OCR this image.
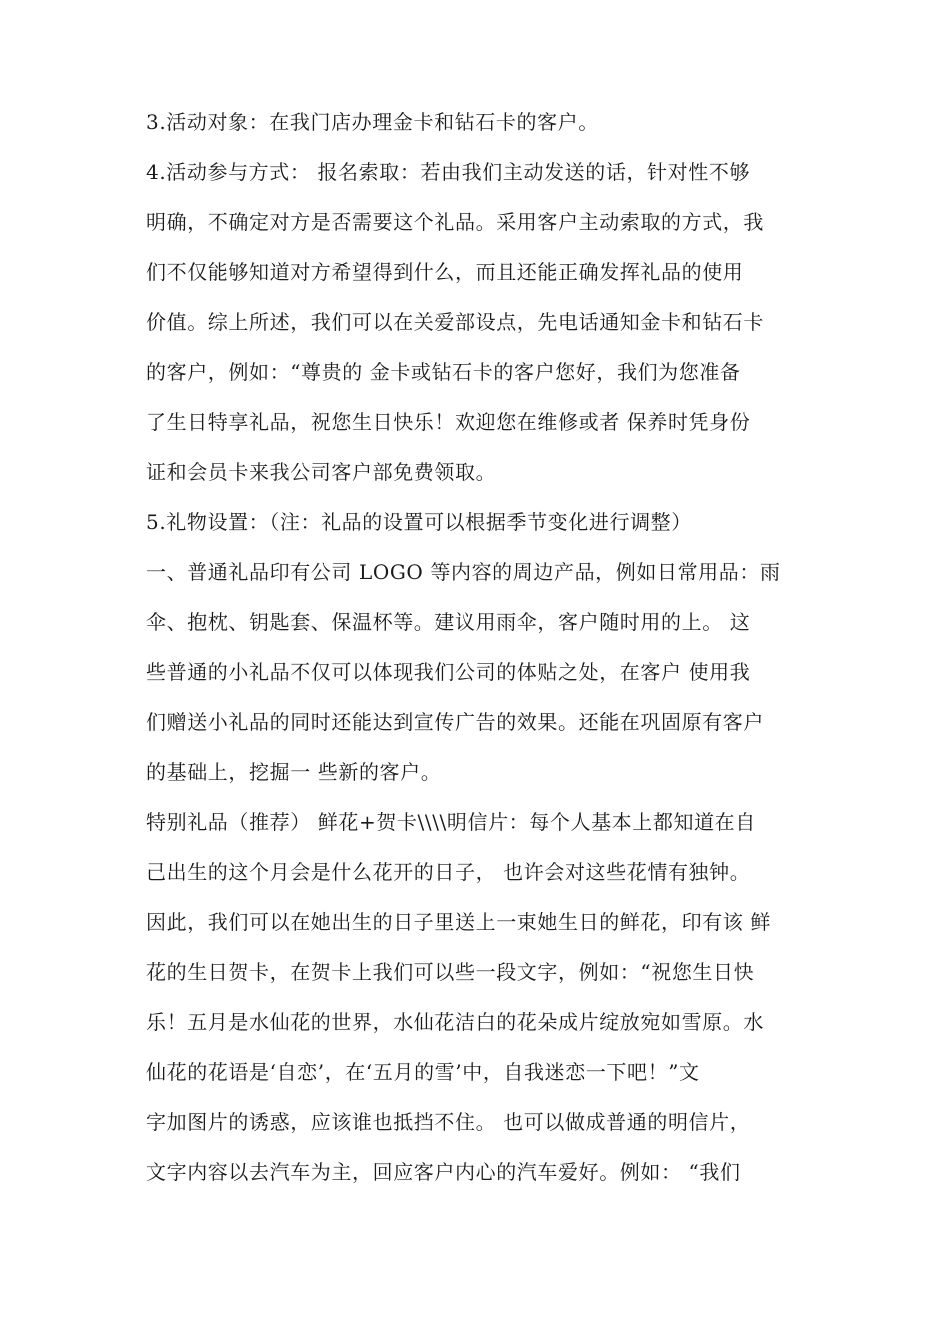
3.活动对象：在我门店办理金卡和钻石卡的客户。
4.活动参与方式： 报名索取：若由我们主动发送的话，针对性不够
明确，不确定对方是否需要这个礼品。采用客户主动索取的方式，我
们不仅能够知道对方希望得到什么，而且还能正确发挥礼品的使用
价值。综上所述，我们可以在关爱部设点，先电话通知金卡和钻石卡
的客户，例如：“尊贵的 金卡或钻石卡的客户您好，我们为您准备
了生日特享礼品，祝您生日快乐！欢迎您在维修或者 保养时凭身份
证和会员卡来我公司客户部免费领取。
5.礼物设置：（注：礼品的设置可以根据季节变化进行调整）
一、普通礼品印有公司 LOGO 等内容的周边产品，例如日常用品：雨
伞、抱枕、钥匙套、保温杯等。建议用雨伞，客户随时用的上。 这
些普通的小礼品不仅可以体现我们公司的体贴之处，在客户 使用我
们赠送小礼品的同时还能达到宣传广告的效果。还能在巩固原有客户
的基础上，挖掘一 些新的客户。
特别礼品（推荐） 鲜花+贺卡\\\\明信片：每个人基本上都知道在自
己出生的这个月会是什么花开的日子， 也许会对这些花情有独钟。
因此，我们可以在她出生的日子里送上一束她生日的鲜花，印有该 鲜
花的生日贺卡，在贺卡上我们可以些一段文字，例如：“祝您生日快
乐！五月是水仙花的世界，水仙花洁白的花朵成片绽放宛如雪原。水
仙花的花语是‘自恋’，在‘五月的雪’中，自我迷恋一下吧！”文
字加图片的诱惑，应该谁也抵挡不住。 也可以做成普通的明信片，
文字内容以去汽车为主，回应客户内心的汽车爱好。例如： “我们
